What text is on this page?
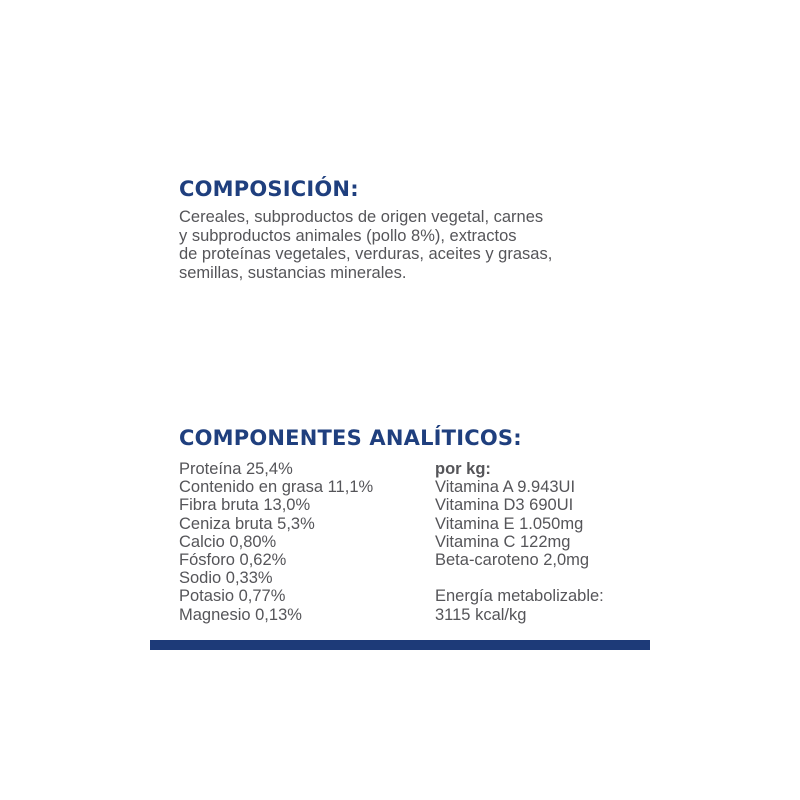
COMPOSICIÓN:

Cereales, subproductos de origen vegetal, carnes
y subproductos animales (pollo 8%), extractos
de proteínas vegetales, verduras, aceites y grasas,
semillas, sustancias minerales.

COMPONENTES ANALÍTICOS:
Proteína 25,4%
Contenido en grasa 11,1%
Fibra bruta 13,0%
Ceniza bruta 5,3%
Calcio 0,80%
Fósforo 0,62%
Sodio 0,33%
Potasio 0,77%
Magnesio 0,13%
por kg:
Vitamina A 9.943UI
Vitamina D3 690UI
Vitamina E 1.050mg
Vitamina C 122mg
Beta-caroteno 2,0mg
Energía metabolizable:
3115 kcal/kg
